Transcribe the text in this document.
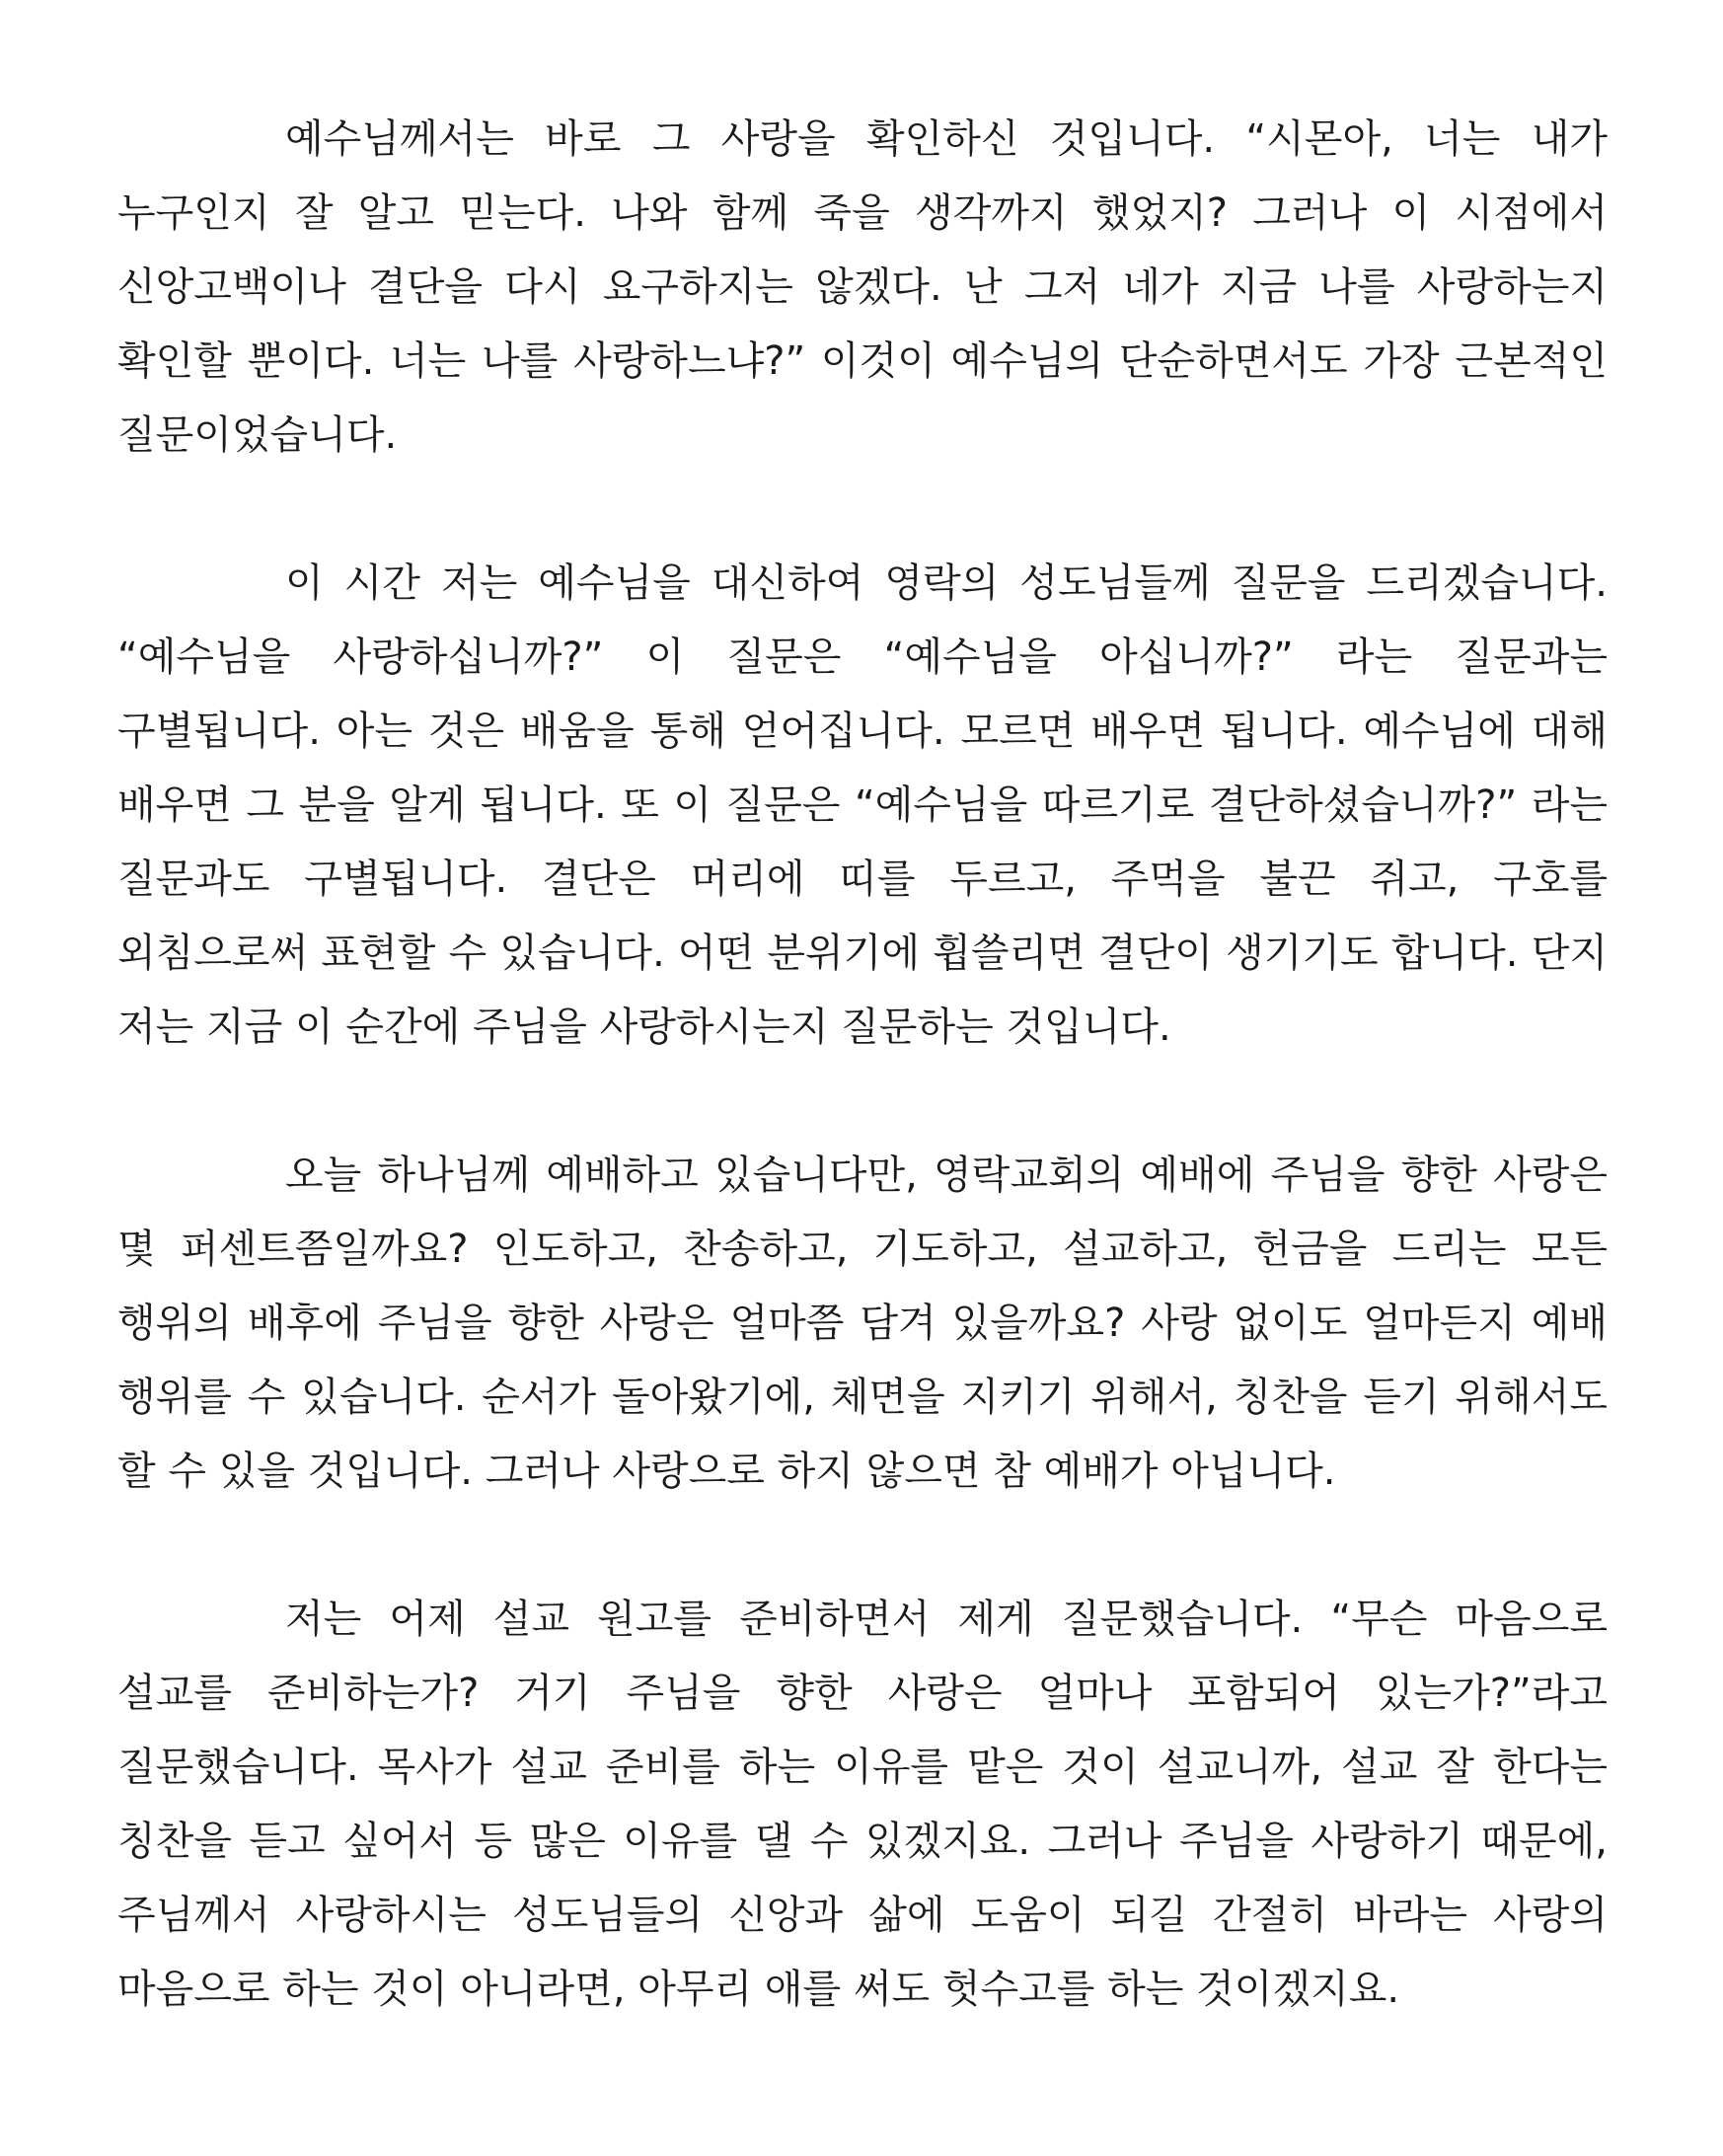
예수님께서는 바로 그 사랑을 확인하신 것입니다. “시몬아, 너는 내가 누구인지 잘 알고 믿는다. 나와 함께 죽을 생각까지 했었지? 그러나 이 시점에서 신앙고백이나 결단을 다시 요구하지는 않겠다. 난 그저 네가 지금 나를 사랑하는지 확인할 뿐이다. 너는 나를 사랑하느냐?” 이것이 예수님의 단순하면서도 가장 근본적인 질문이었습니다.

이 시간 저는 예수님을 대신하여 영락의 성도님들께 질문을 드리겠습니다. “예수님을 사랑하십니까?” 이 질문은 “예수님을 아십니까?” 라는 질문과는 구별됩니다. 아는 것은 배움을 통해 얻어집니다. 모르면 배우면 됩니다. 예수님에 대해 배우면 그 분을 알게 됩니다. 또 이 질문은 “예수님을 따르기로 결단하셨습니까?” 라는 질문과도 구별됩니다. 결단은 머리에 띠를 두르고, 주먹을 불끈 쥐고, 구호를 외침으로써 표현할 수 있습니다. 어떤 분위기에 휩쓸리면 결단이 생기기도 합니다. 단지 저는 지금 이 순간에 주님을 사랑하시는지 질문하는 것입니다.

오늘 하나님께 예배하고 있습니다만, 영락교회의 예배에 주님을 향한 사랑은 몇 퍼센트쯤일까요? 인도하고, 찬송하고, 기도하고, 설교하고, 헌금을 드리는 모든 행위의 배후에 주님을 향한 사랑은 얼마쯤 담겨 있을까요? 사랑 없이도 얼마든지 예배 행위를 수 있습니다. 순서가 돌아왔기에, 체면을 지키기 위해서, 칭찬을 듣기 위해서도 할 수 있을 것입니다. 그러나 사랑으로 하지 않으면 참 예배가 아닙니다.

저는 어제 설교 원고를 준비하면서 제게 질문했습니다. “무슨 마음으로 설교를 준비하는가? 거기 주님을 향한 사랑은 얼마나 포함되어 있는가?”라고 질문했습니다. 목사가 설교 준비를 하는 이유를 맡은 것이 설교니까, 설교 잘 한다는 칭찬을 듣고 싶어서 등 많은 이유를 댈 수 있겠지요. 그러나 주님을 사랑하기 때문에, 주님께서 사랑하시는 성도님들의 신앙과 삶에 도움이 되길 간절히 바라는 사랑의 마음으로 하는 것이 아니라면, 아무리 애를 써도 헛수고를 하는 것이겠지요.
